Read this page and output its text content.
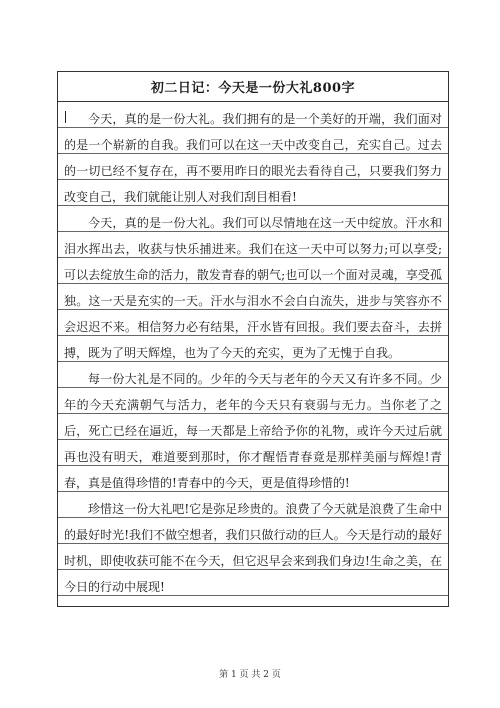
初二日记：今天是一份大礼800字

今天，真的是一份大礼。我们拥有的是一个美好的开端，我们面对的是一个崭新的自我。我们可以在这一天中改变自己，充实自己。过去的一切已经不复存在，再不要用昨日的眼光去看待自己，只要我们努力改变自己，我们就能让别人对我们刮目相看!

今天，真的是一份大礼。我们可以尽情地在这一天中绽放。汗水和泪水挥出去，收获与快乐捕进来。我们在这一天中可以努力;可以享受;可以去绽放生命的活力，散发青春的朝气;也可以一个面对灵魂，享受孤独。这一天是充实的一天。汗水与泪水不会白白流失，进步与笑容亦不会迟迟不来。相信努力必有结果，汗水皆有回报。我们要去奋斗，去拼搏，既为了明天辉煌，也为了今天的充实，更为了无愧于自我。

每一份大礼是不同的。少年的今天与老年的今天又有许多不同。少年的今天充满朝气与活力，老年的今天只有衰弱与无力。当你老了之后，死亡已经在逼近，每一天都是上帝给予你的礼物，或许今天过后就再也没有明天，难道要到那时，你才醒悟青春竟是那样美丽与辉煌!青春，真是值得珍惜的!青春中的今天，更是值得珍惜的!

珍惜这一份大礼吧!它是弥足珍贵的。浪费了今天就是浪费了生命中的最好时光!我们不做空想者，我们只做行动的巨人。今天是行动的最好时机，即使收获可能不在今天，但它迟早会来到我们身边!生命之美，在今日的行动中展现!

第 1 页 共 2 页
